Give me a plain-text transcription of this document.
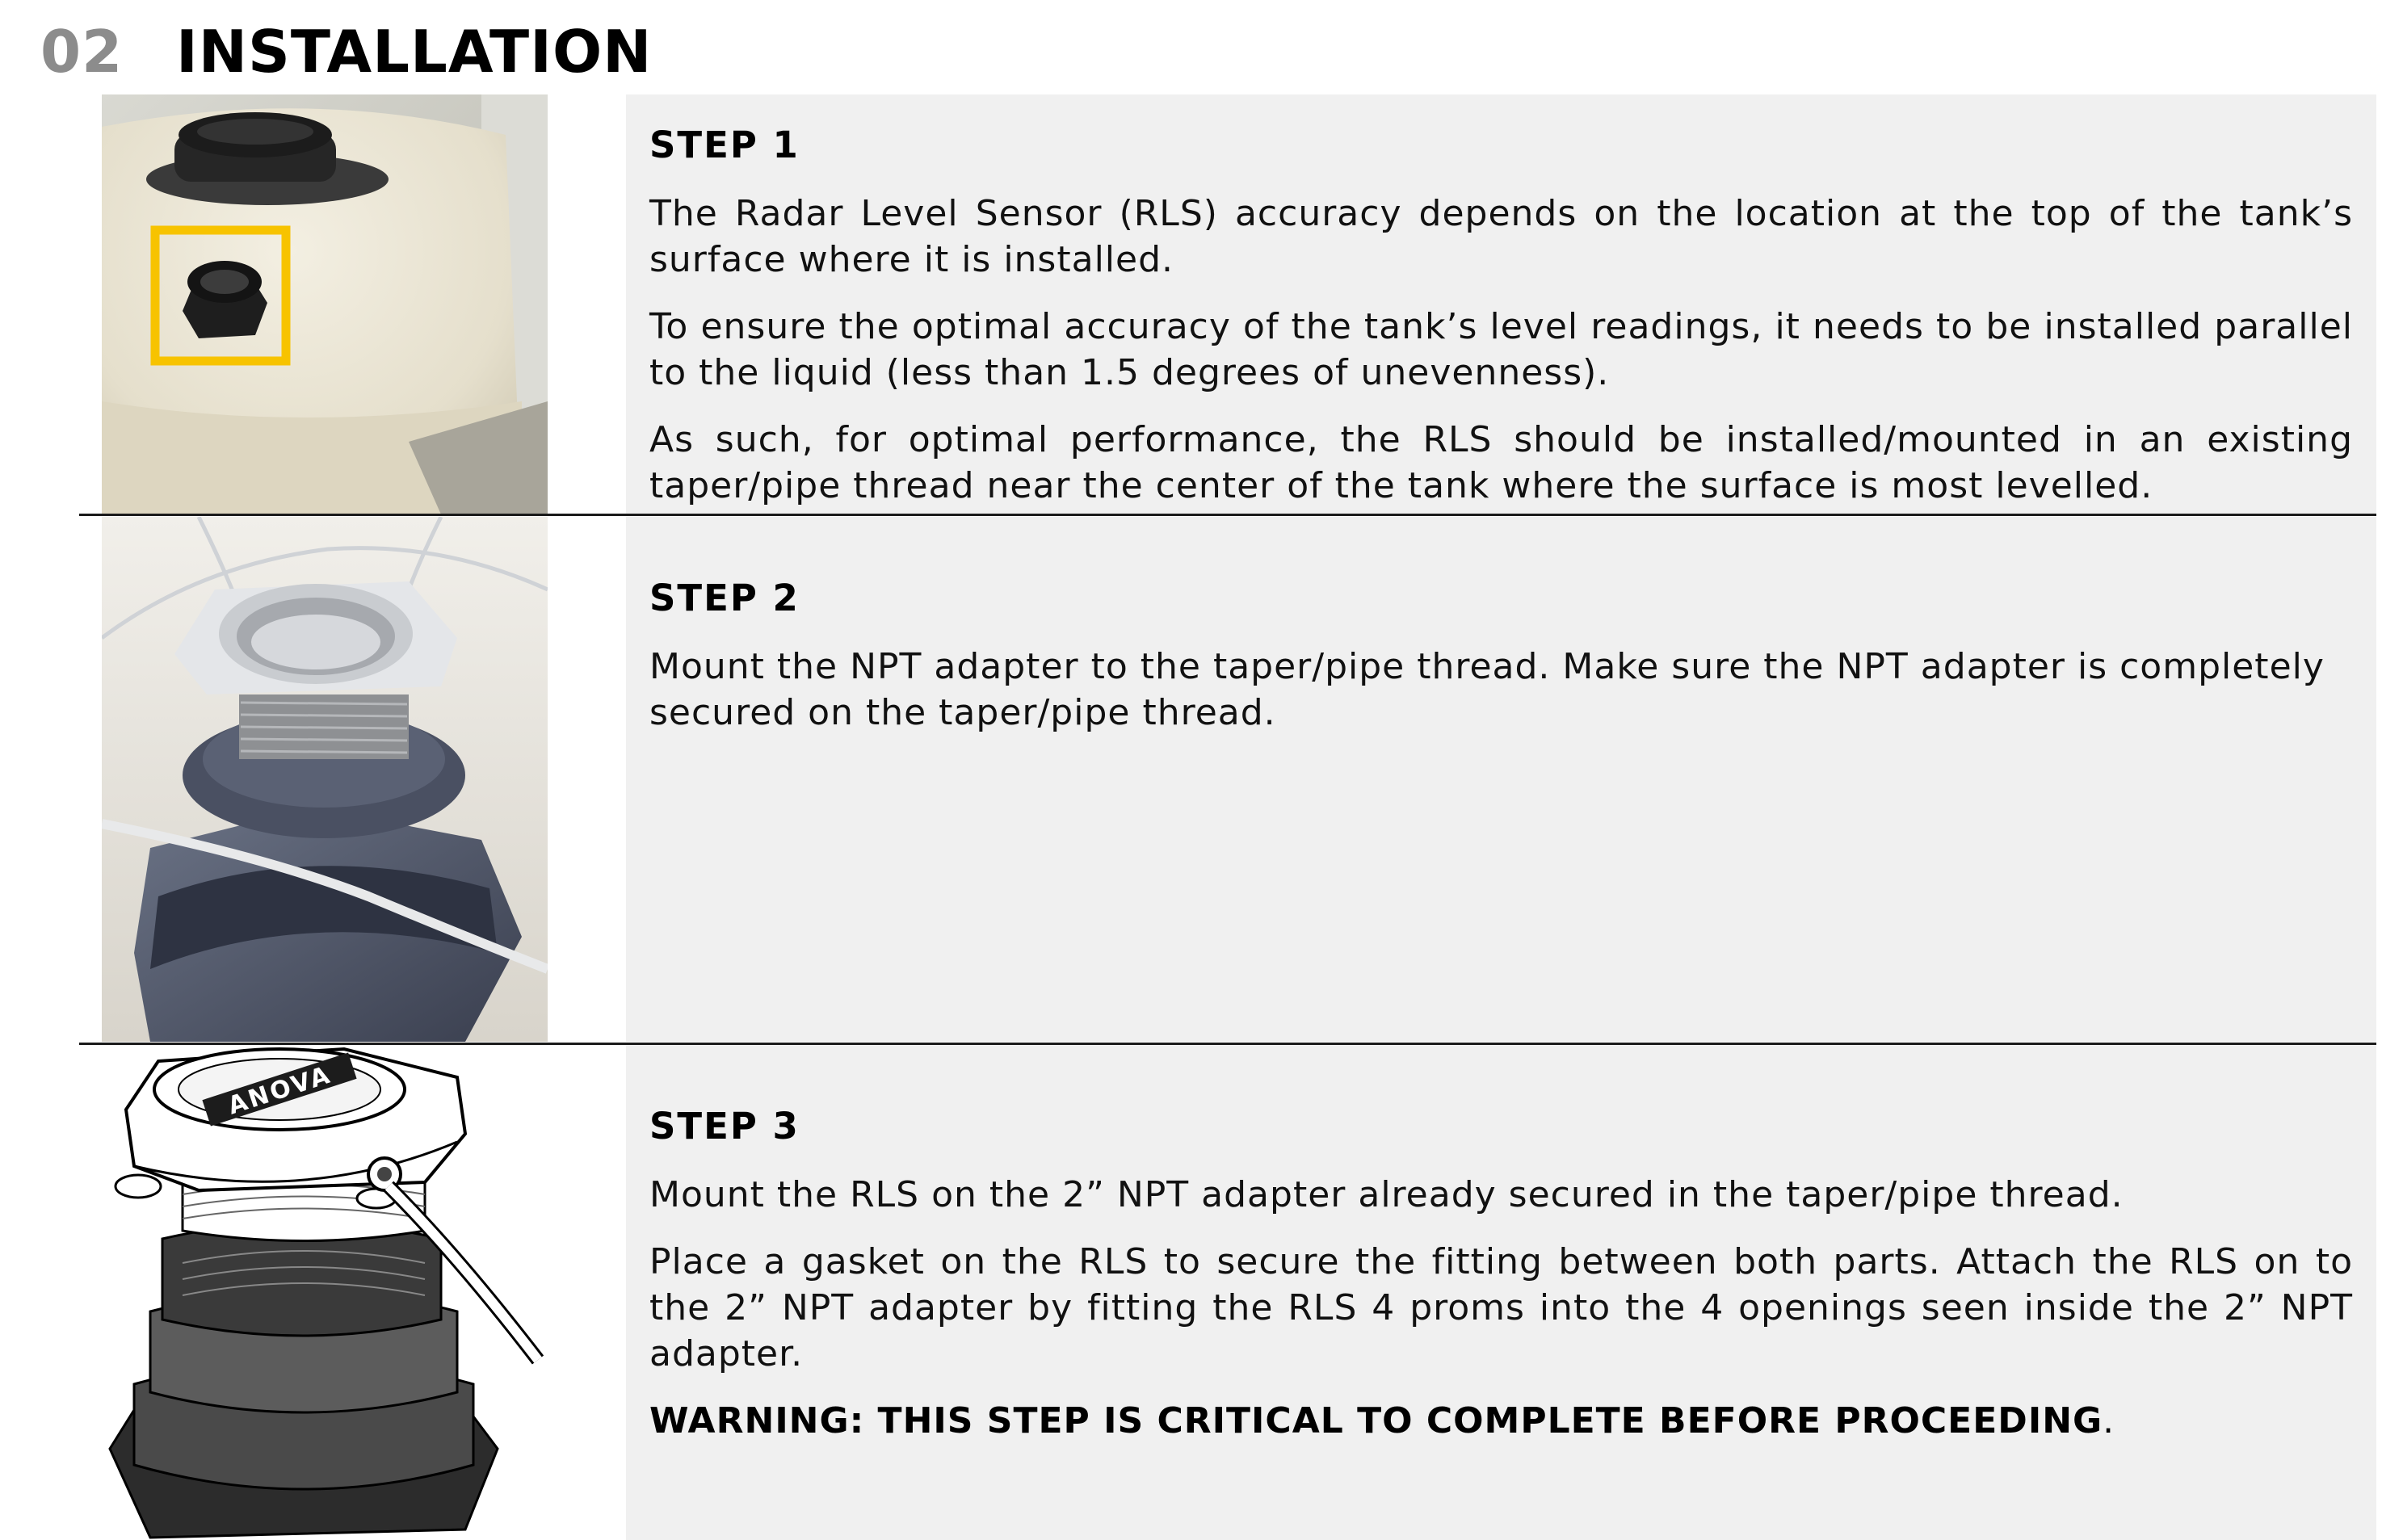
02 INSTALLATION
STEP 1

The Radar Level Sensor (RLS) accuracy depends on the location at the top of the tank’s surface where it is installed.

To ensure the optimal accuracy of the tank’s level readings, it needs to be installed parallel to the liquid (less than 1.5 degrees of unevenness).

As such, for optimal performance, the RLS should be installed/mounted in an existing taper/pipe thread near the center of the tank where the surface is most levelled.

STEP 2

Mount the NPT adapter to the taper/pipe thread. Make sure the NPT adapter is completely secured on the taper/pipe thread.

ANOVA
STEP 3

Mount the RLS on the 2” NPT adapter already secured in the taper/pipe thread.

Place a gasket on the RLS to secure the fitting between both parts. Attach the RLS on to the 2” NPT adapter by fitting the RLS 4 proms into the 4 openings seen inside the 2” NPT adapter.

WARNING: THIS STEP IS CRITICAL TO COMPLETE BEFORE PROCEEDING.
